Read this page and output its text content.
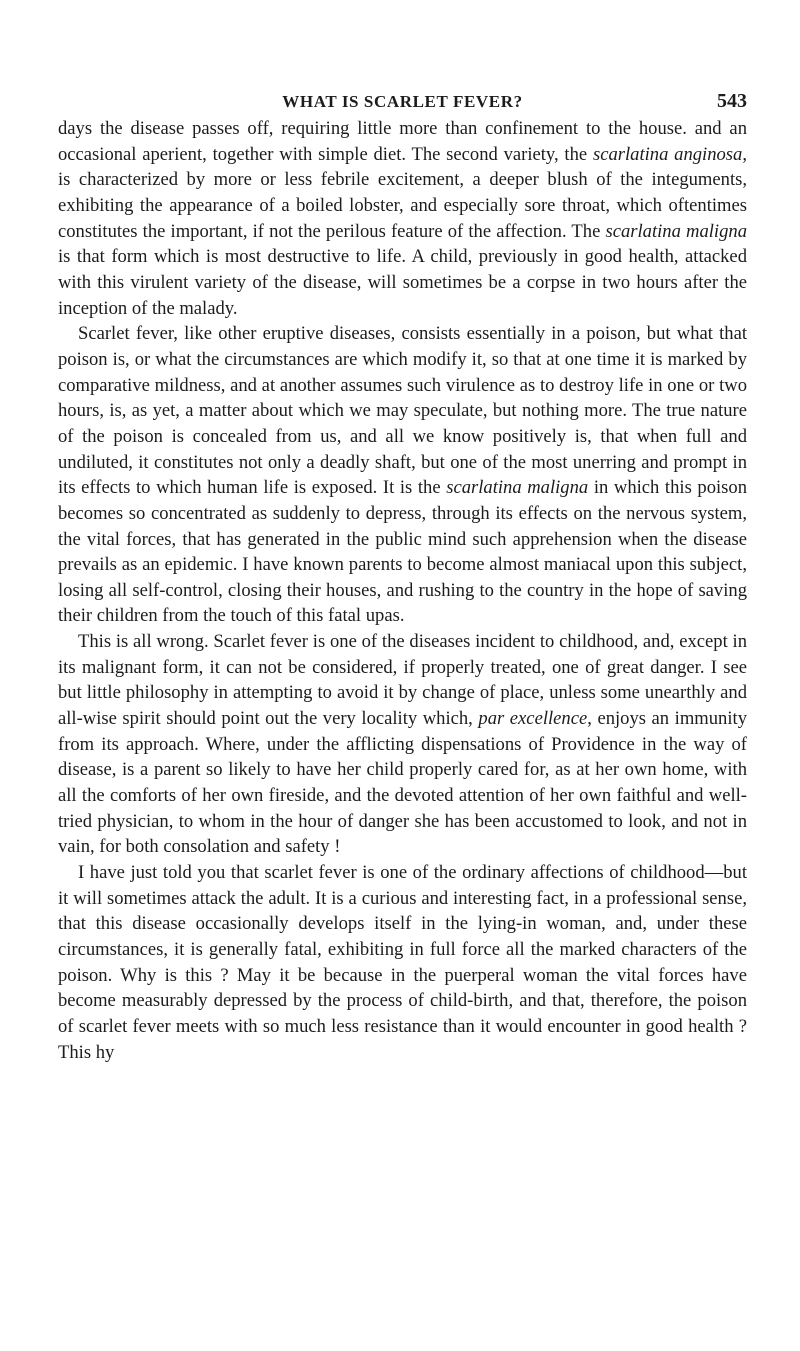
WHAT IS SCARLET FEVER?	543

days the disease passes off, requiring little more than confinement to the house. and an occasional aperient, together with simple diet. The second variety, the scarlatina anginosa, is characterized by more or less febrile excitement, a deeper blush of the integuments, exhibiting the appearance of a boiled lobster, and especially sore throat, which oftentimes constitutes the important, if not the perilous feature of the affection. The scarlatina maligna is that form which is most destructive to life. A child, previously in good health, attacked with this virulent variety of the disease, will sometimes be a corpse in two hours after the inception of the malady.

Scarlet fever, like other eruptive diseases, consists essentially in a poison, but what that poison is, or what the circumstances are which modify it, so that at one time it is marked by comparative mildness, and at another assumes such virulence as to destroy life in one or two hours, is, as yet, a matter about which we may speculate, but nothing more. The true nature of the poison is concealed from us, and all we know positively is, that when full and undiluted, it constitutes not only a deadly shaft, but one of the most unerring and prompt in its effects to which human life is exposed. It is the scarlatina maligna in which this poison becomes so concentrated as suddenly to depress, through its effects on the nervous system, the vital forces, that has generated in the public mind such apprehension when the disease prevails as an epidemic. I have known parents to become almost maniacal upon this subject, losing all self-control, closing their houses, and rushing to the country in the hope of saving their children from the touch of this fatal upas.

This is all wrong. Scarlet fever is one of the diseases incident to childhood, and, except in its malignant form, it can not be considered, if properly treated, one of great danger. I see but little philosophy in attempting to avoid it by change of place, unless some unearthly and all-wise spirit should point out the very locality which, par excellence, enjoys an immunity from its approach. Where, under the afflicting dispensations of Providence in the way of disease, is a parent so likely to have her child properly cared for, as at her own home, with all the comforts of her own fireside, and the devoted attention of her own faithful and well-tried physician, to whom in the hour of danger she has been accustomed to look, and not in vain, for both consolation and safety !

I have just told you that scarlet fever is one of the ordinary affections of childhood—but it will sometimes attack the adult. It is a curious and interesting fact, in a professional sense, that this disease occasionally develops itself in the lying-in woman, and, under these circumstances, it is generally fatal, exhibiting in full force all the marked characters of the poison. Why is this ? May it be because in the puerperal woman the vital forces have become measurably depressed by the process of child-birth, and that, therefore, the poison of scarlet fever meets with so much less resistance than it would encounter in good health ? This hy
